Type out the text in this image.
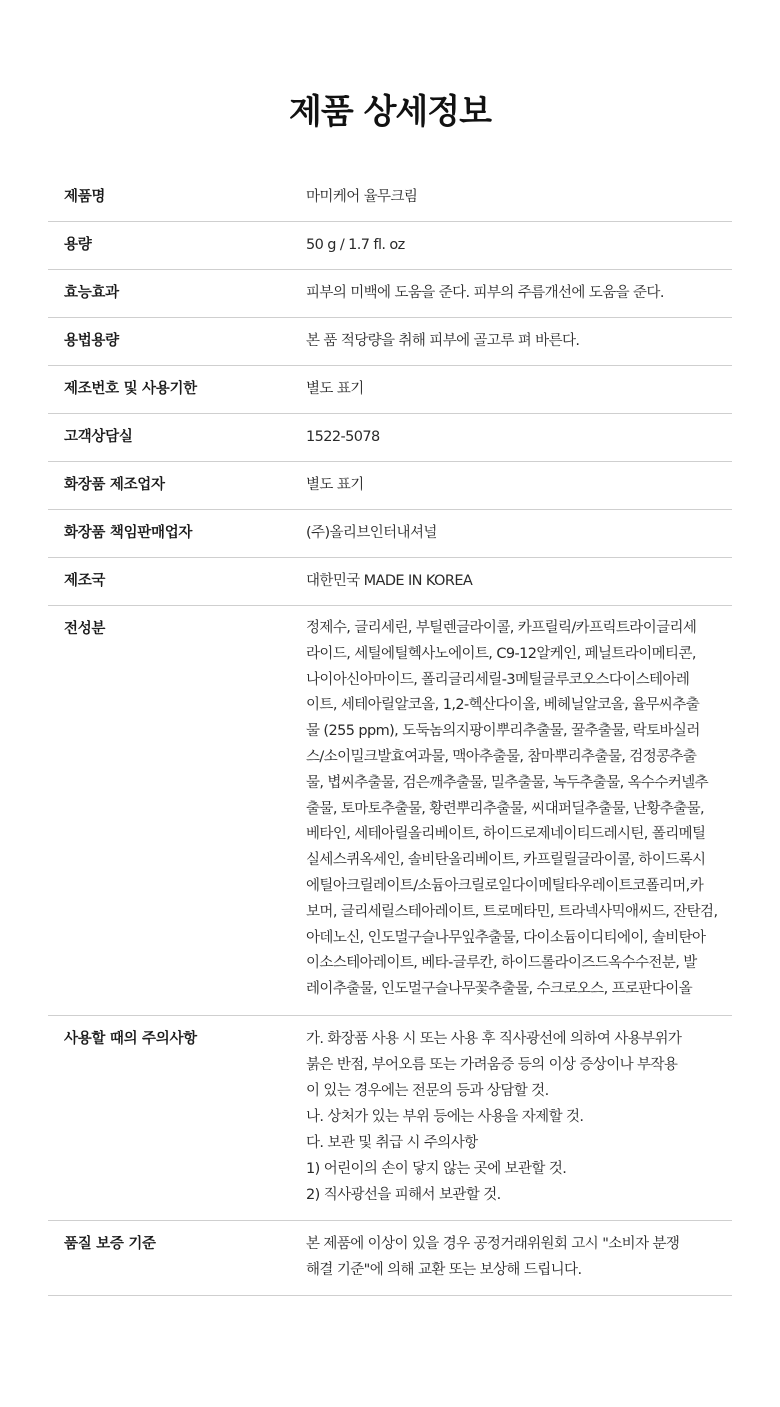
제품 상세정보
제품명	마미케어 율무크림
용량	50 g / 1.7 fl. oz
효능효과	피부의 미백에 도움을 준다. 피부의 주름개선에 도움을 준다.
용법용량	본 품 적당량을 취해 피부에 골고루 펴 바른다.
제조번호 및 사용기한	별도 표기
고객상담실	1522-5078
화장품 제조업자	별도 표기
화장품 책임판매업자	(주)올리브인터내셔널
제조국	대한민국 MADE IN KOREA
전성분	정제수, 글리세린, 부틸렌글라이콜, 카프릴릭/카프릭트라이글리세
라이드, 세틸에틸헥사노에이트, C9-12알케인, 페닐트라이메티콘,
나이아신아마이드, 폴리글리세릴-3메틸글루코오스다이스테아레
이트, 세테아릴알코올, 1,2-헥산다이올, 베헤닐알코올, 율무씨추출
물 (255 ppm), 도둑놈의지팡이뿌리추출물, 꿀추출물, 락토바실러
스/소이밀크발효여과물, 맥아추출물, 참마뿌리추출물, 검정콩추출
물, 볍씨추출물, 검은깨추출물, 밀추출물, 녹두추출물, 옥수수커넬추
출물, 토마토추출물, 황련뿌리추출물, 씨대퍼딜추출물, 난황추출물,
베타인, 세테아릴올리베이트, 하이드로제네이티드레시틴, 폴리메틸
실세스퀴옥세인, 솔비탄올리베이트, 카프릴릴글라이콜, 하이드록시
에틸아크릴레이트/소듐아크릴로일다이메틸타우레이트코폴리머,카
보머, 글리세릴스테아레이트, 트로메타민, 트라넥사믹애씨드, 잔탄검,
아데노신, 인도멀구슬나무잎추출물, 다이소듐이디티에이, 솔비탄아
이소스테아레이트, 베타-글루칸, 하이드롤라이즈드옥수수전분, 발
레이추출물, 인도멀구슬나무꽃추출물, 수크로오스, 프로판다이올
사용할 때의 주의사항	가. 화장품 사용 시 또는 사용 후 직사광선에 의하여 사용부위가
붉은 반점, 부어오름 또는 가려움증 등의 이상 증상이나 부작용
이 있는 경우에는 전문의 등과 상담할 것.
나. 상처가 있는 부위 등에는 사용을 자제할 것.
다. 보관 및 취급 시 주의사항
1) 어린이의 손이 닿지 않는 곳에 보관할 것.
2) 직사광선을 피해서 보관할 것.
품질 보증 기준	본 제품에 이상이 있을 경우 공정거래위원회 고시 "소비자 분쟁
해결 기준"에 의해 교환 또는 보상해 드립니다.
